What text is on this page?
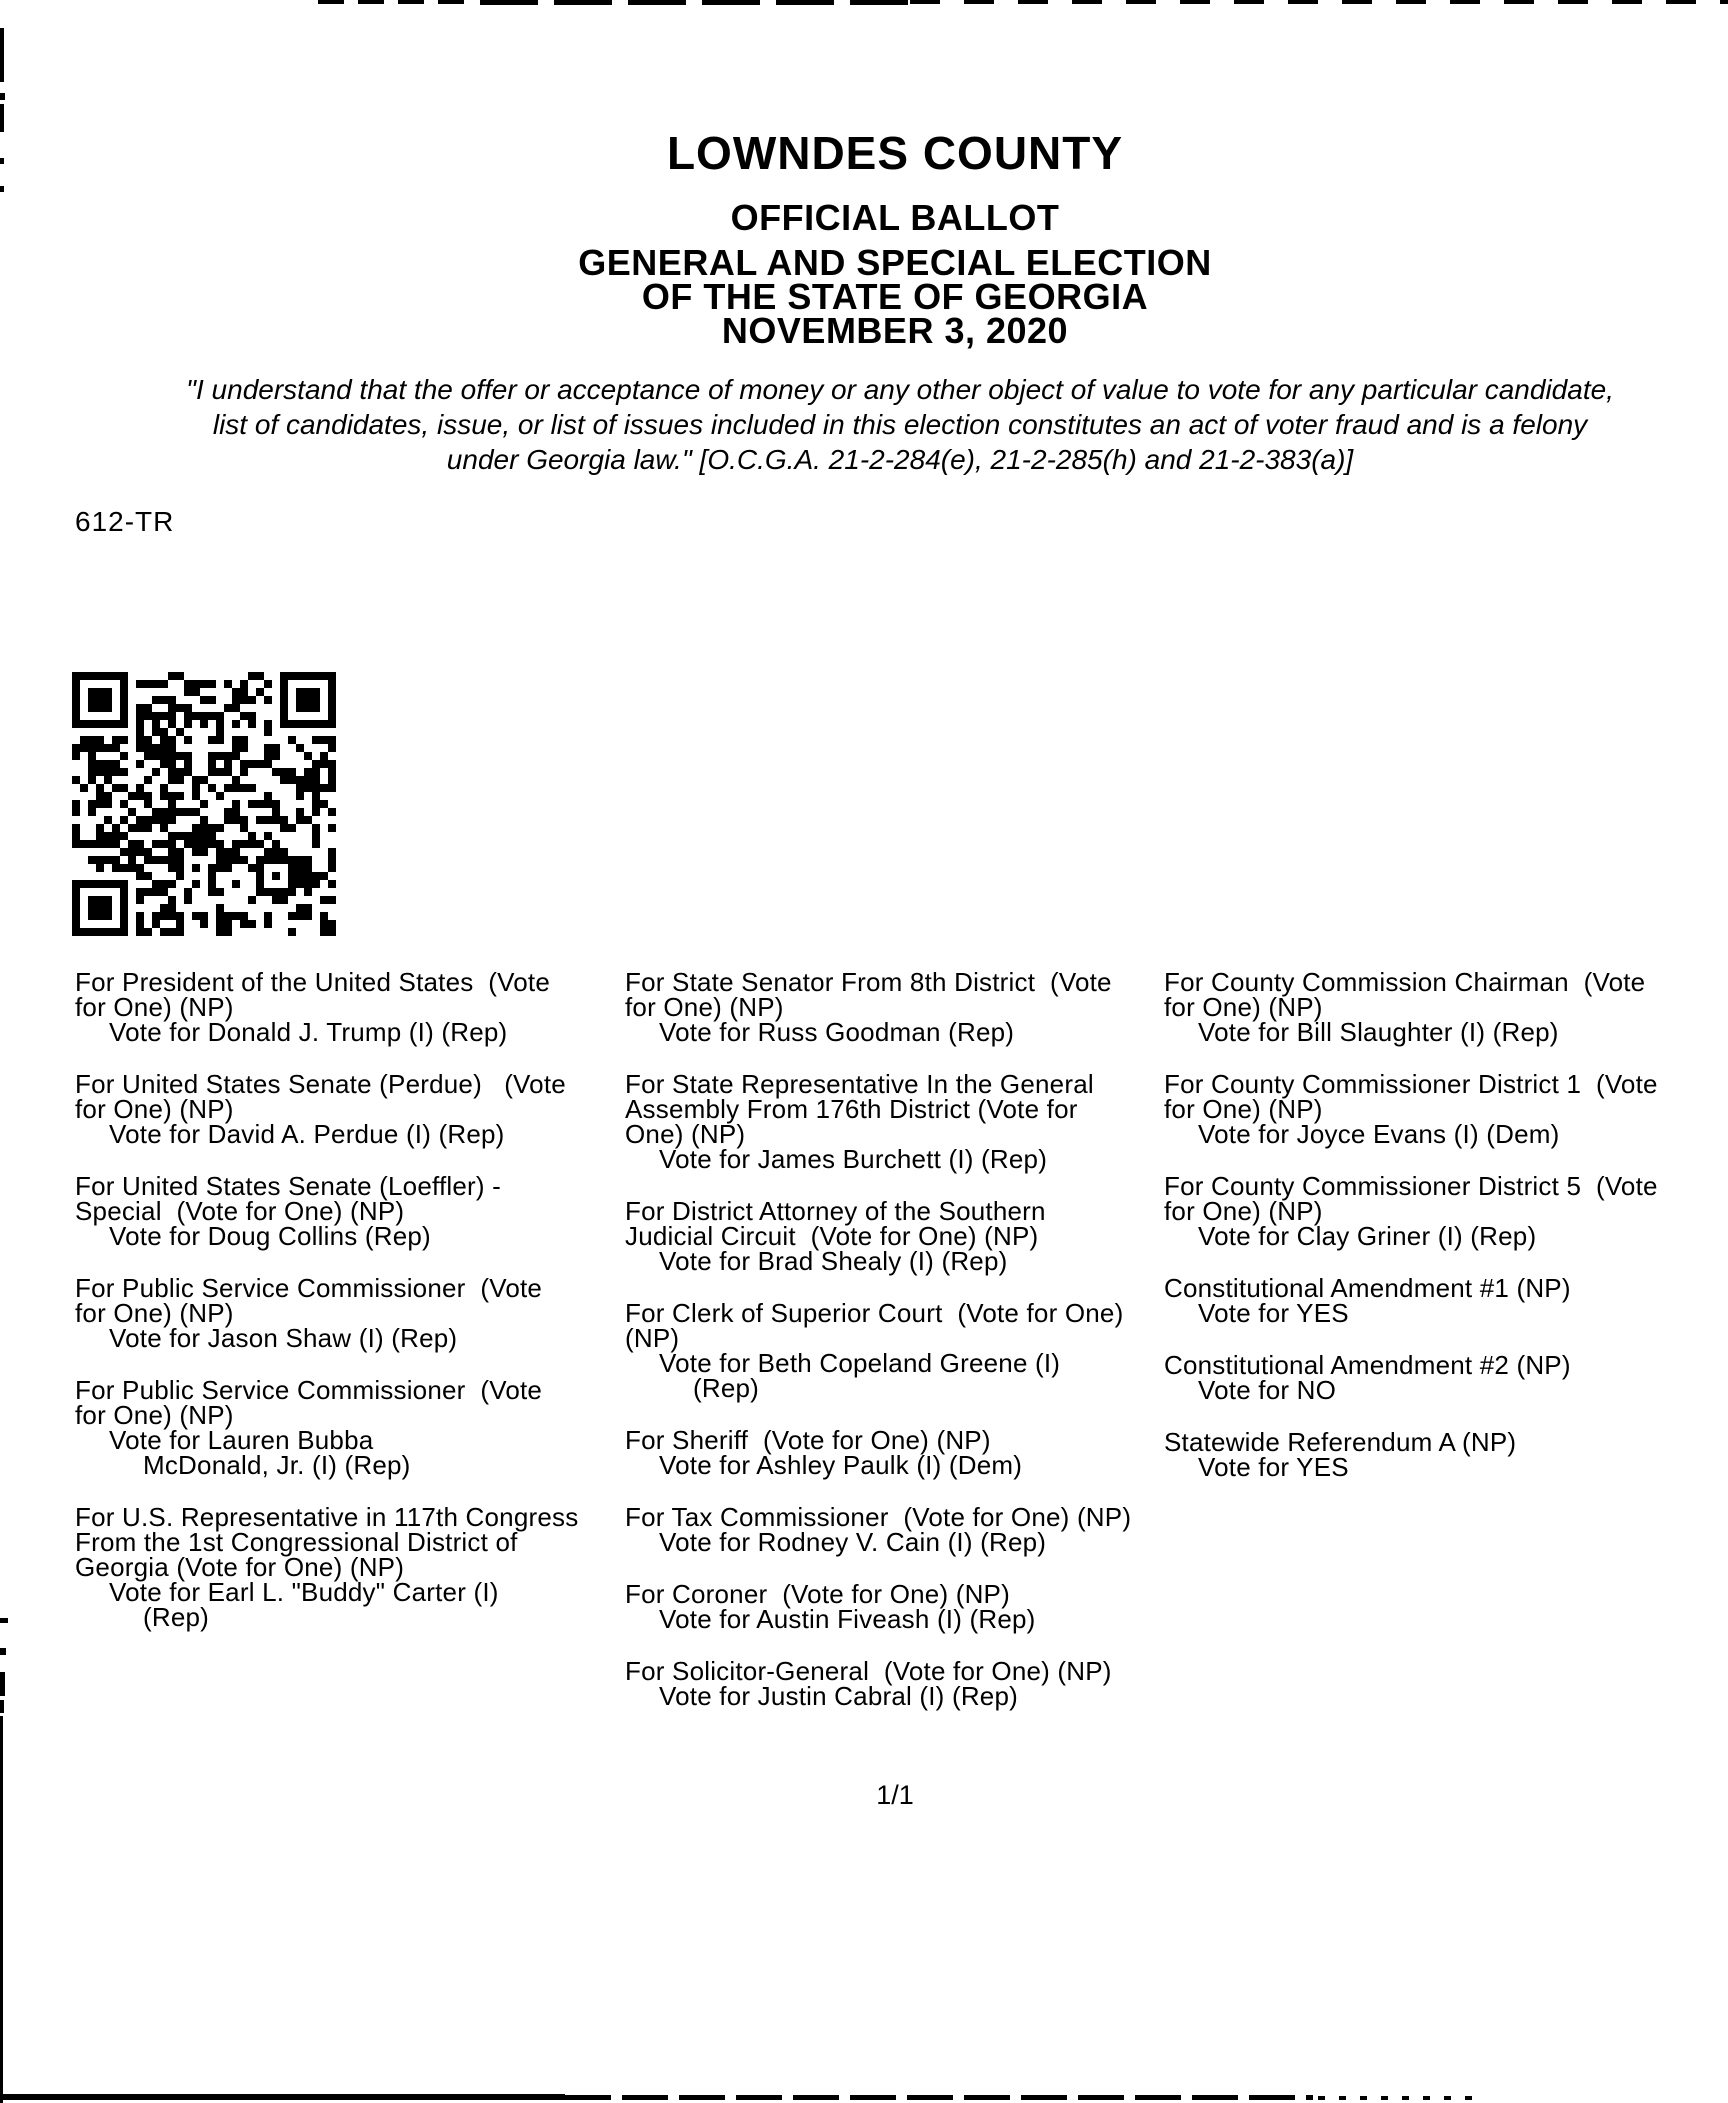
LOWNDES COUNTY
OFFICIAL BALLOT
GENERAL AND SPECIAL ELECTION
OF THE STATE OF GEORGIA
NOVEMBER 3, 2020
"I understand that the offer or acceptance of money or any other object of value to vote for any particular candidate,
list of candidates, issue, or list of issues included in this election constitutes an act of voter fraud and is a felony
under Georgia law." [O.C.G.A. 21-2-284(e), 21-2-285(h) and 21-2-383(a)]
612-TR
For President of the United States  (Vote
for One) (NP)
Vote for Donald J. Trump (I) (Rep)
For United States Senate (Perdue)   (Vote
for One) (NP)
Vote for David A. Perdue (I) (Rep)
For United States Senate (Loeffler) -
Special  (Vote for One) (NP)
Vote for Doug Collins (Rep)
For Public Service Commissioner  (Vote
for One) (NP)
Vote for Jason Shaw (I) (Rep)
For Public Service Commissioner  (Vote
for One) (NP)
Vote for Lauren Bubba
McDonald, Jr. (I) (Rep)
For U.S. Representative in 117th Congress
From the 1st Congressional District of
Georgia (Vote for One) (NP)
Vote for Earl L. "Buddy" Carter (I)
(Rep)
For State Senator From 8th District  (Vote
for One) (NP)
Vote for Russ Goodman (Rep)
For State Representative In the General
Assembly From 176th District (Vote for
One) (NP)
Vote for James Burchett (I) (Rep)
For District Attorney of the Southern
Judicial Circuit  (Vote for One) (NP)
Vote for Brad Shealy (I) (Rep)
For Clerk of Superior Court  (Vote for One)
(NP)
Vote for Beth Copeland Greene (I)
(Rep)
For Sheriff  (Vote for One) (NP)
Vote for Ashley Paulk (I) (Dem)
For Tax Commissioner  (Vote for One) (NP)
Vote for Rodney V. Cain (I) (Rep)
For Coroner  (Vote for One) (NP)
Vote for Austin Fiveash (I) (Rep)
For Solicitor-General  (Vote for One) (NP)
Vote for Justin Cabral (I) (Rep)
For County Commission Chairman  (Vote
for One) (NP)
Vote for Bill Slaughter (I) (Rep)
For County Commissioner District 1  (Vote
for One) (NP)
Vote for Joyce Evans (I) (Dem)
For County Commissioner District 5  (Vote
for One) (NP)
Vote for Clay Griner (I) (Rep)
Constitutional Amendment #1 (NP)
Vote for YES
Constitutional Amendment #2 (NP)
Vote for NO
Statewide Referendum A (NP)
Vote for YES
1/1
